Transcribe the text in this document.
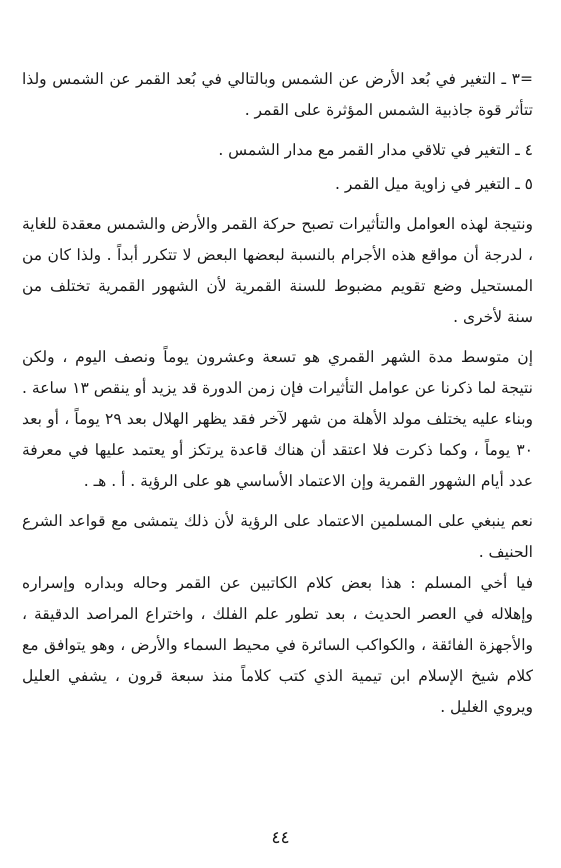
=٣ ـ التغير في بُعد الأرض عن الشمس وبالتالي في بُعد القمر عن الشمس ولذا تتأثر قوة جاذبية الشمس المؤثرة على القمر .

٤ ـ التغير في تلاقي مدار القمر مع مدار الشمس .

٥ ـ التغير في زاوية ميل القمر .

ونتيجة لهذه العوامل والتأثيرات تصبح حركة القمر والأرض والشمس معقدة للغاية ، لدرجة أن مواقع هذه الأجرام بالنسبة لبعضها البعض لا تتكرر أبداً . ولذا كان من المستحيل وضع تقويم مضبوط للسنة القمرية لأن الشهور القمرية تختلف من سنة لأخرى .

إن متوسط مدة الشهر القمري هو تسعة وعشرون يوماً ونصف اليوم ، ولكن نتيجة لما ذكرنا عن عوامل التأثيرات فإن زمن الدورة قد يزيد أو ينقص ١٣ ساعة . وبناء عليه يختلف مولد الأهلة من شهر لآخر فقد يظهر الهلال بعد ٢٩ يوماً ، أو بعد ٣٠ يوماً ، وكما ذكرت فلا اعتقد أن هناك قاعدة يرتكز أو يعتمد عليها في معرفة عدد أيام الشهور القمرية وإن الاعتماد الأساسي هو على الرؤية . أ . هـ .

نعم ينبغي على المسلمين الاعتماد على الرؤية لأن ذلك يتمشى مع قواعد الشرع الحنيف .

فيا أخي المسلم : هذا بعض كلام الكاتبين عن القمر وحاله وبداره وإسراره وإهلاله في العصر الحديث ، بعد تطور علم الفلك ، واختراع المراصد الدقيقة ، والأجهزة الفائقة ، والكواكب السائرة في محيط السماء والأرض ، وهو يتوافق مع كلام شيخ الإسلام ابن تيمية الذي كتب كلاماً منذ سبعة قرون ، يشفي العليل ويروي الغليل .

٤٤
